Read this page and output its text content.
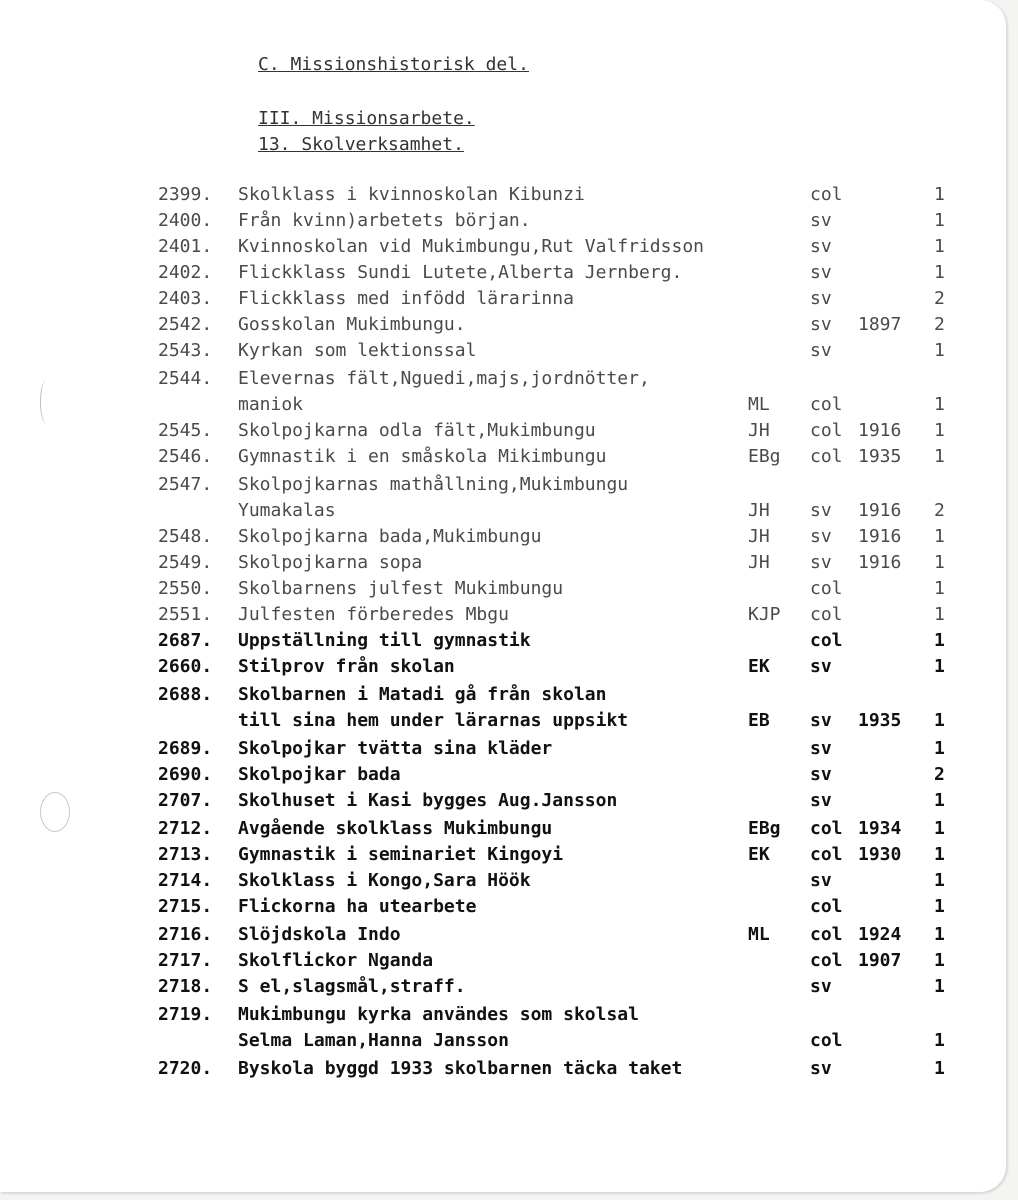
C. Missionshistorisk del.
III. Missionsarbete.
13. Skolverksamhet.
2399. Skolklass i kvinnoskolan Kibunzi	col	1
2400. Från kvinn)arbetets början.	sv	1
2401. Kvinnoskolan vid Mukimbungu,Rut Valfridsson	sv	1
2402. Flickklass Sundi Lutete,Alberta Jernberg.	sv	1
2403. Flickklass med infödd lärarinna	sv	2
2542. Gosskolan Mukimbungu.	sv 1897 2
2543. Kyrkan som lektionssal	sv	1
2544. Elevernas fält,Nguedi,majs,jordnötter,
maniok	ML col	1
2545. Skolpojkarna odla fält,Mukimbungu	JH col 1916 1
2546. Gymnastik i en småskola Mikimbungu	EBg col 1935 1
2547. Skolpojkarnas mathållning,Mukimbungu
Yumakalas	JH sv 1916 2
2548. Skolpojkarna bada,Mukimbungu	JH sv 1916 1
2549. Skolpojkarna sopa	JH sv 1916 1
2550. Skolbarnens julfest Mukimbungu	col	1
2551. Julfesten förberedes Mbgu	KJP col	1
2687. Uppställning till gymnastik	col	1
2660. Stilprov från skolan	EK sv	1
2688. Skolbarnen i Matadi gå från skolan
till sina hem under lärarnas uppsikt	EB sv 1935 1
2689. Skolpojkar tvätta sina kläder	sv	1
2690. Skolpojkar bada	sv	2
2707. Skolhuset i Kasi bygges Aug.Jansson	sv	1
2712. Avgående skolklass Mukimbungu	EBg col 1934 1
2713. Gymnastik i seminariet Kingoyi	EK col 1930 1
2714. Skolklass i Kongo,Sara Höök	sv	1
2715. Flickorna ha utearbete	col	1
2716. Slöjdskola Indo	ML col 1924 1
2717. Skolflickor Nganda	col 1907 1
2718. S el,slagsmål,straff.	sv	1
2719. Mukimbungu kyrka användes som skolsal
Selma Laman,Hanna Jansson	col	1
2720. Byskola byggd 1933 skolbarnen täcka taket	sv	1
